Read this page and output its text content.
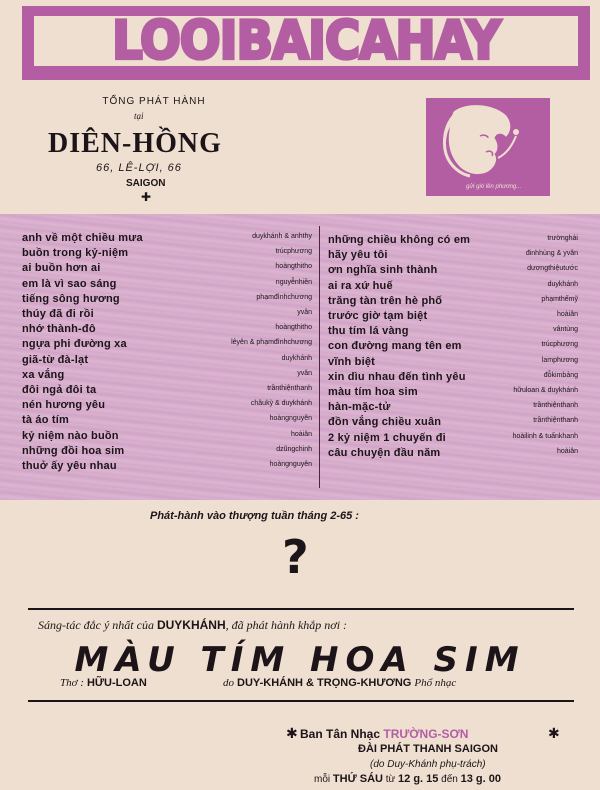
LOOIBAICAHAY
TỔNG PHÁT HÀNH
tại
DIÊN-HỒNG
66, LÊ-LỢI, 66
SAIGON
✚
gửi gió lên phương...
anh về một chiều mưa	duykhánh & anhthy
buồn trong kỷ-niệm	trúcphương
ai buồn hơn ai	hoàngthitho
em là vì sao sáng	nguyễnhiền
tiếng sông hương	phạmđìnhchương
thúy đã đi rồi	yvân
nhớ thành-đô	hoàngthitho
ngựa phi đường xa	lêyên & phạmđìnhchương
giã-từ đà-lạt	duykhánh
xa vắng	yvân
đôi ngả đôi ta	trầnthiệnthanh
nén hương yêu	châukỳ & duykhánh
tà áo tím	hoàngnguyên
kỷ niệm nào buồn	hoàiân
những đồi hoa sim	dzũngchinh
thuở ấy yêu nhau	hoàngnguyên
những chiều không có em	trườnghải
hãy yêu tôi	đinhhùng & yvân
ơn nghĩa sinh thành	dươngthiệutước
ai ra xứ huế	duykhánh
trăng tàn trên hè phố	phạmthếmỹ
trước giờ tạm biệt	hoàiân
thu tím lá vàng	vântùng
con đường mang tên em	trúcphương
vĩnh biệt	lamphương
xin dìu nhau đến tình yêu	đỗkimbảng
màu tím hoa sim	hữuloan & duykhánh
hàn-mặc-tử	trầnthiệnthanh
đồn vắng chiều xuân	trầnthiệnthanh
2 kỷ niệm 1 chuyến đi	hoàilinh & tuấnkhanh
câu chuyện đầu năm	hoàiân
Phát-hành vào thượng tuần tháng 2-65 :
?
Sáng-tác đắc ý nhất của DUYKHÁNH, đã phát hành khắp nơi :
MÀU TÍM HOA SIM
Thơ : HỮU-LOAN	do DUY-KHÁNH & TRỌNG-KHƯƠNG Phổ nhạc
✱ Ban Tân Nhạc TRƯỜNG-SƠN	✱
ĐÀI PHÁT THANH SAIGON
(do Duy-Khánh phụ-trách)
mỗi THỨ SÁU từ 12 g. 15 đến 13 g. 00
